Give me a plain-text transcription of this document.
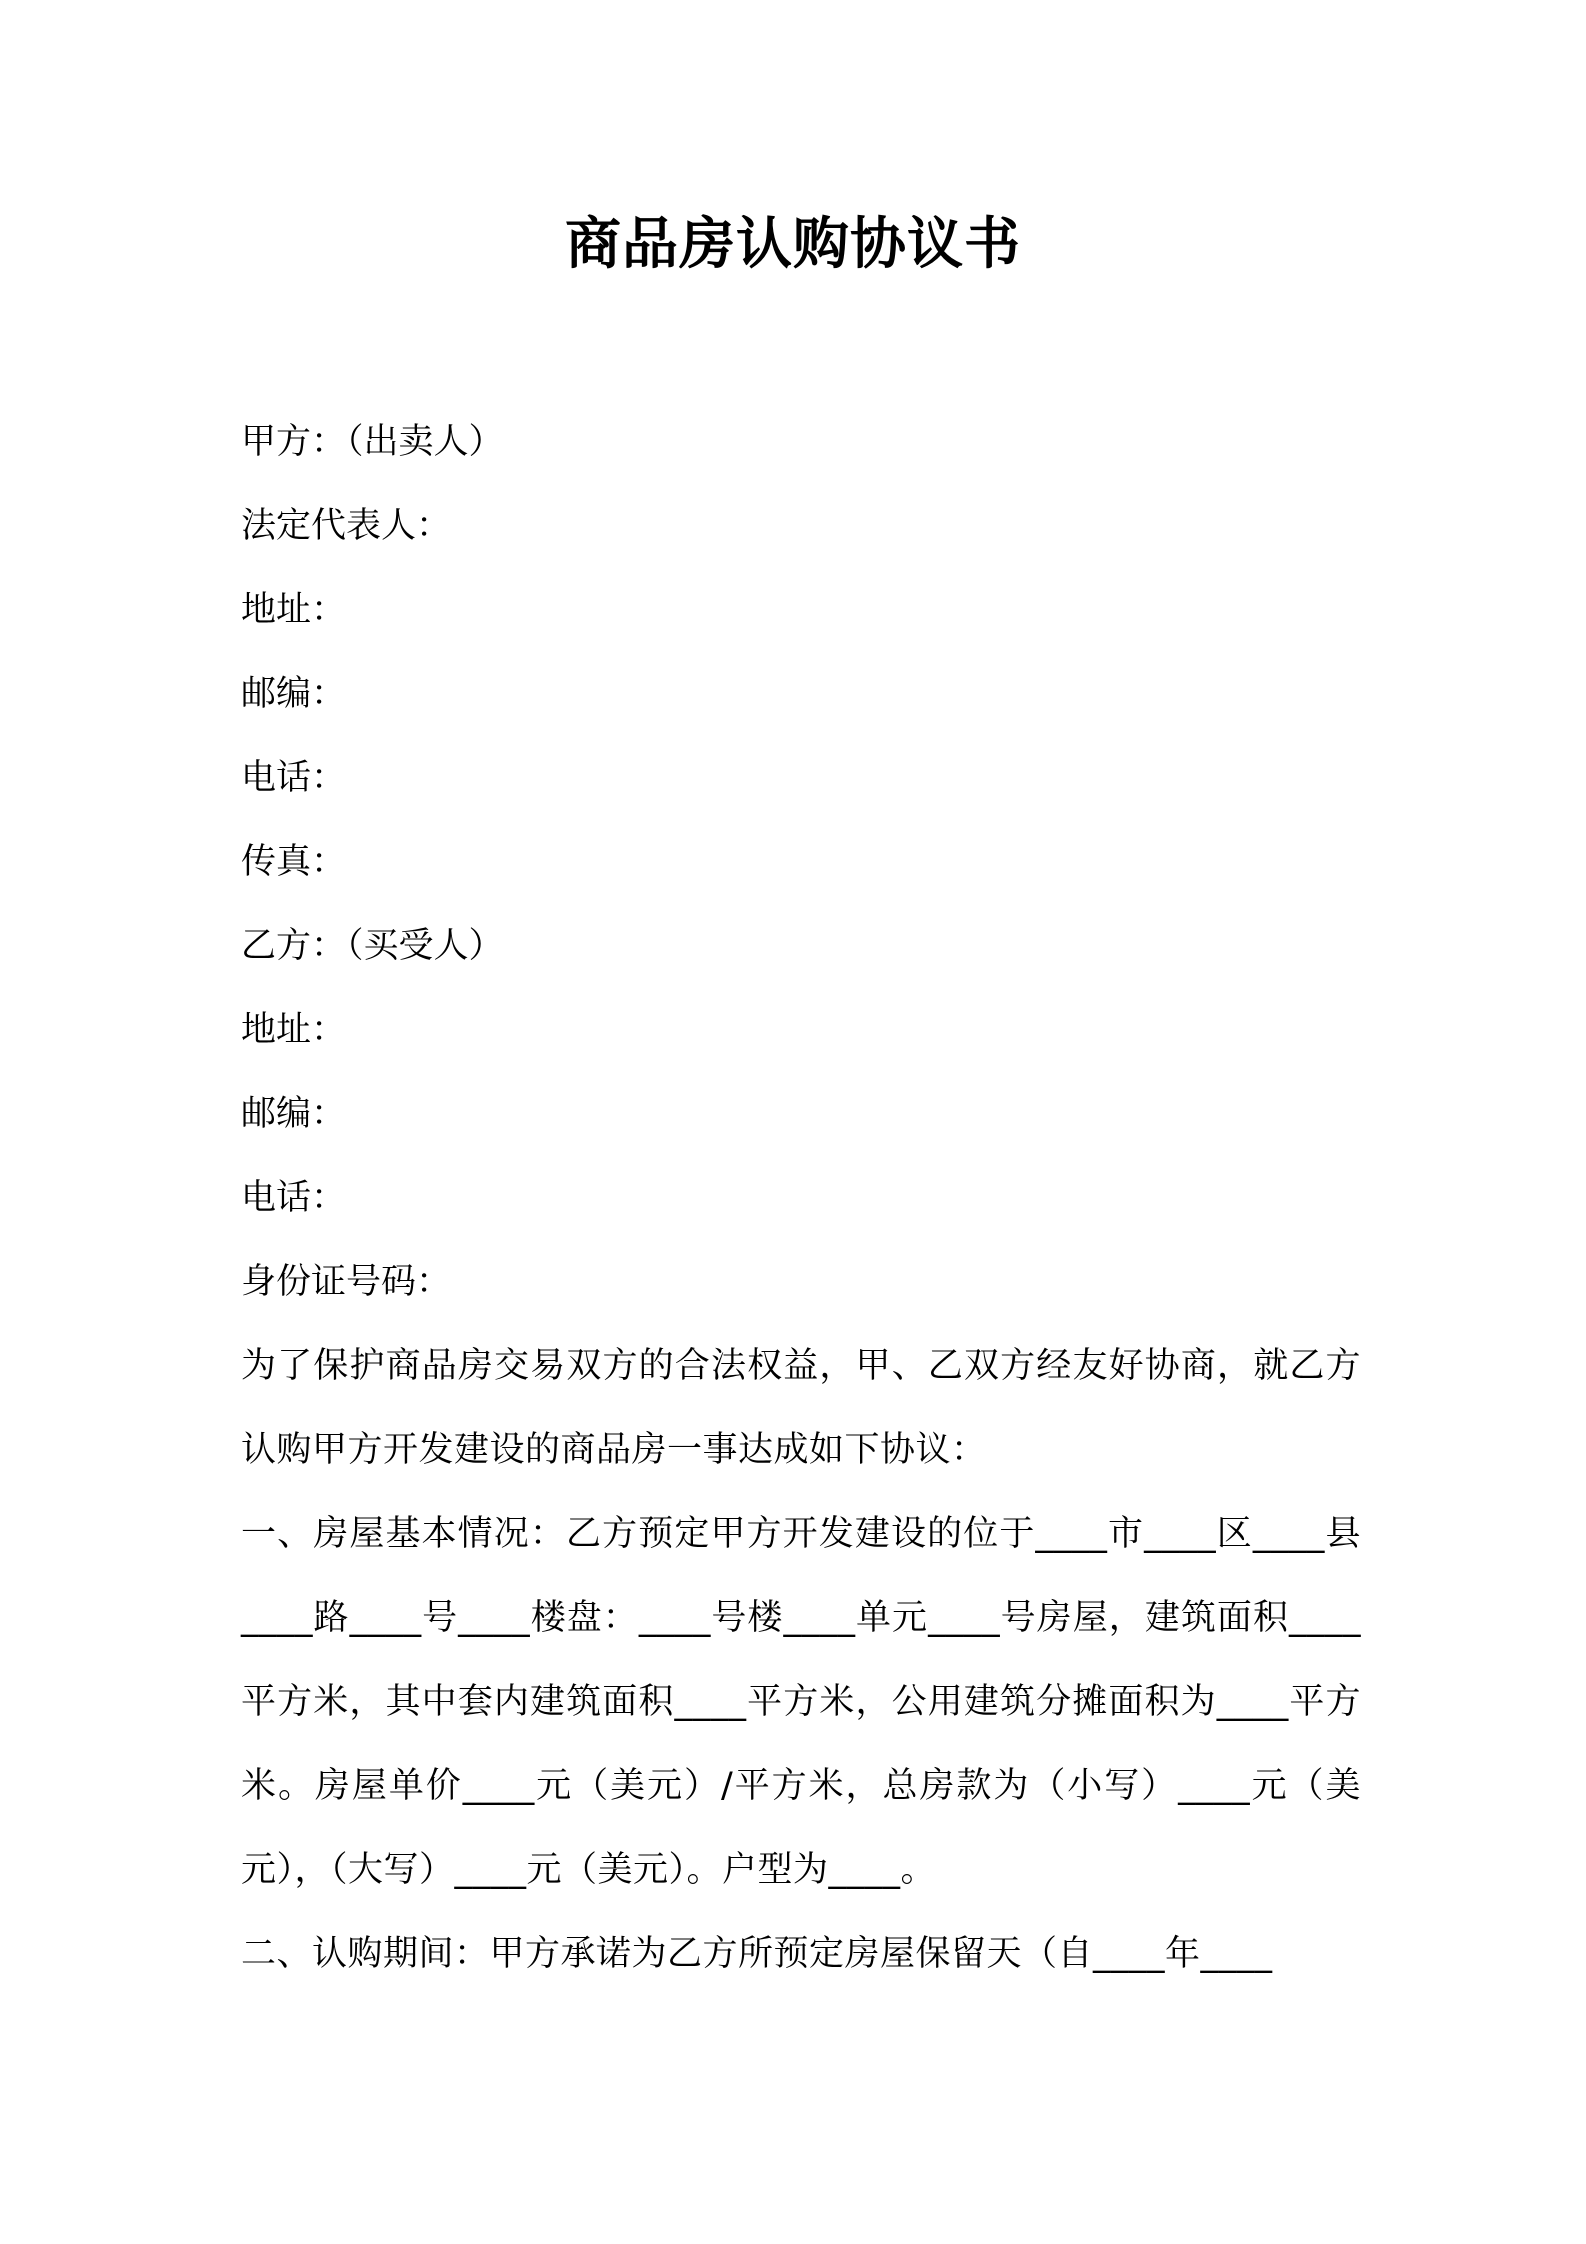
商品房认购协议书
甲方：（出卖人）
法定代表人：
地址：
邮编：
电话：
传真：
乙方：（买受人）
地址：
邮编：
电话：
身份证号码：
为了保护商品房交易双方的合法权益，甲、乙双方经友好协商，就乙方认购甲方开发建设的商品房一事达成如下协议：
一、房屋基本情况：乙方预定甲方开发建设的位于____市____区____县____路____号____楼盘：____号楼____单元____号房屋，建筑面积____平方米，其中套内建筑面积____平方米，公用建筑分摊面积为____平方米。房屋单价____元（美元）/平方米，总房款为（小写）____元（美元），（大写）____元（美元）。户型为____。
二、认购期间：甲方承诺为乙方所预定房屋保留天（自____年____
